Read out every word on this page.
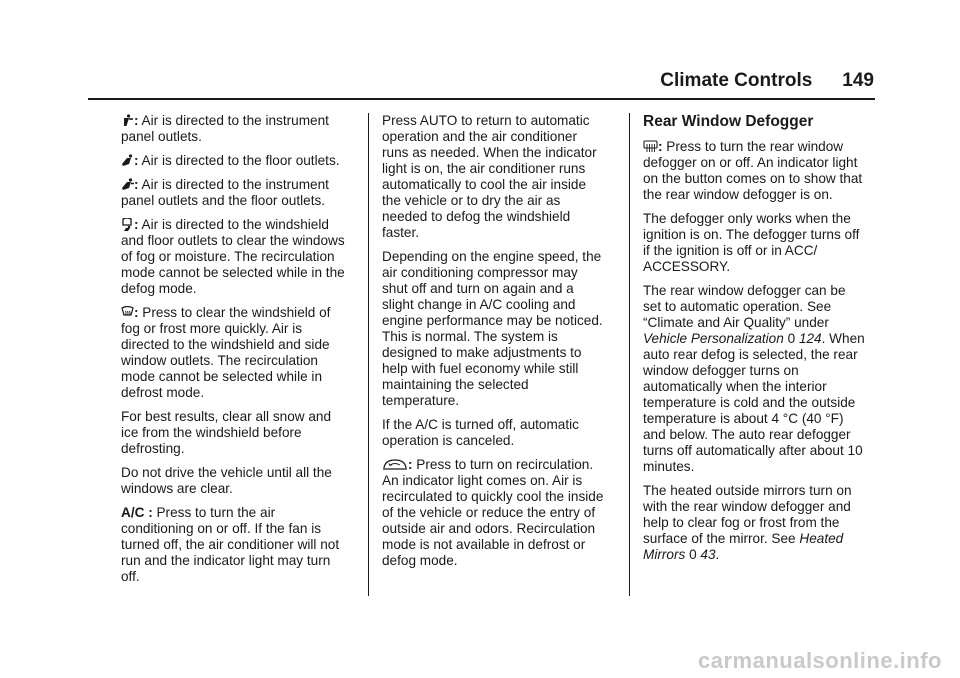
Climate Controls 149

: Air is directed to the instrument panel outlets.

: Air is directed to the floor outlets.

: Air is directed to the instrument panel outlets and the floor outlets.

: Air is directed to the windshield and floor outlets to clear the windows of fog or moisture. The recirculation mode cannot be selected while in the defog mode.

: Press to clear the windshield of fog or frost more quickly. Air is directed to the windshield and side window outlets. The recirculation mode cannot be selected while in defrost mode.

For best results, clear all snow and ice from the windshield before defrosting.

Do not drive the vehicle until all the windows are clear.

A/C : Press to turn the air conditioning on or off. If the fan is turned off, the air conditioner will not run and the indicator light may turn off.

Press AUTO to return to automatic operation and the air conditioner runs as needed. When the indicator light is on, the air conditioner runs automatically to cool the air inside the vehicle or to dry the air as needed to defog the windshield faster.

Depending on the engine speed, the air conditioning compressor may shut off and turn on again and a slight change in A/C cooling and engine performance may be noticed. This is normal. The system is designed to make adjustments to help with fuel economy while still maintaining the selected temperature.

If the A/C is turned off, automatic operation is canceled.

: Press to turn on recirculation. An indicator light comes on. Air is recirculated to quickly cool the inside of the vehicle or reduce the entry of outside air and odors. Recirculation mode is not available in defrost or defog mode.

Rear Window Defogger

: Press to turn the rear window defogger on or off. An indicator light on the button comes on to show that the rear window defogger is on.

The defogger only works when the ignition is on. The defogger turns off if the ignition is off or in ACC/ ACCESSORY.

The rear window defogger can be set to automatic operation. See “Climate and Air Quality” under Vehicle Personalization 0 124. When auto rear defog is selected, the rear window defogger turns on automatically when the interior temperature is cold and the outside temperature is about 4 °C (40 °F) and below. The auto rear defogger turns off automatically after about 10 minutes.

The heated outside mirrors turn on with the rear window defogger and help to clear fog or frost from the surface of the mirror. See Heated Mirrors 0 43.

carmanualsonline.info
